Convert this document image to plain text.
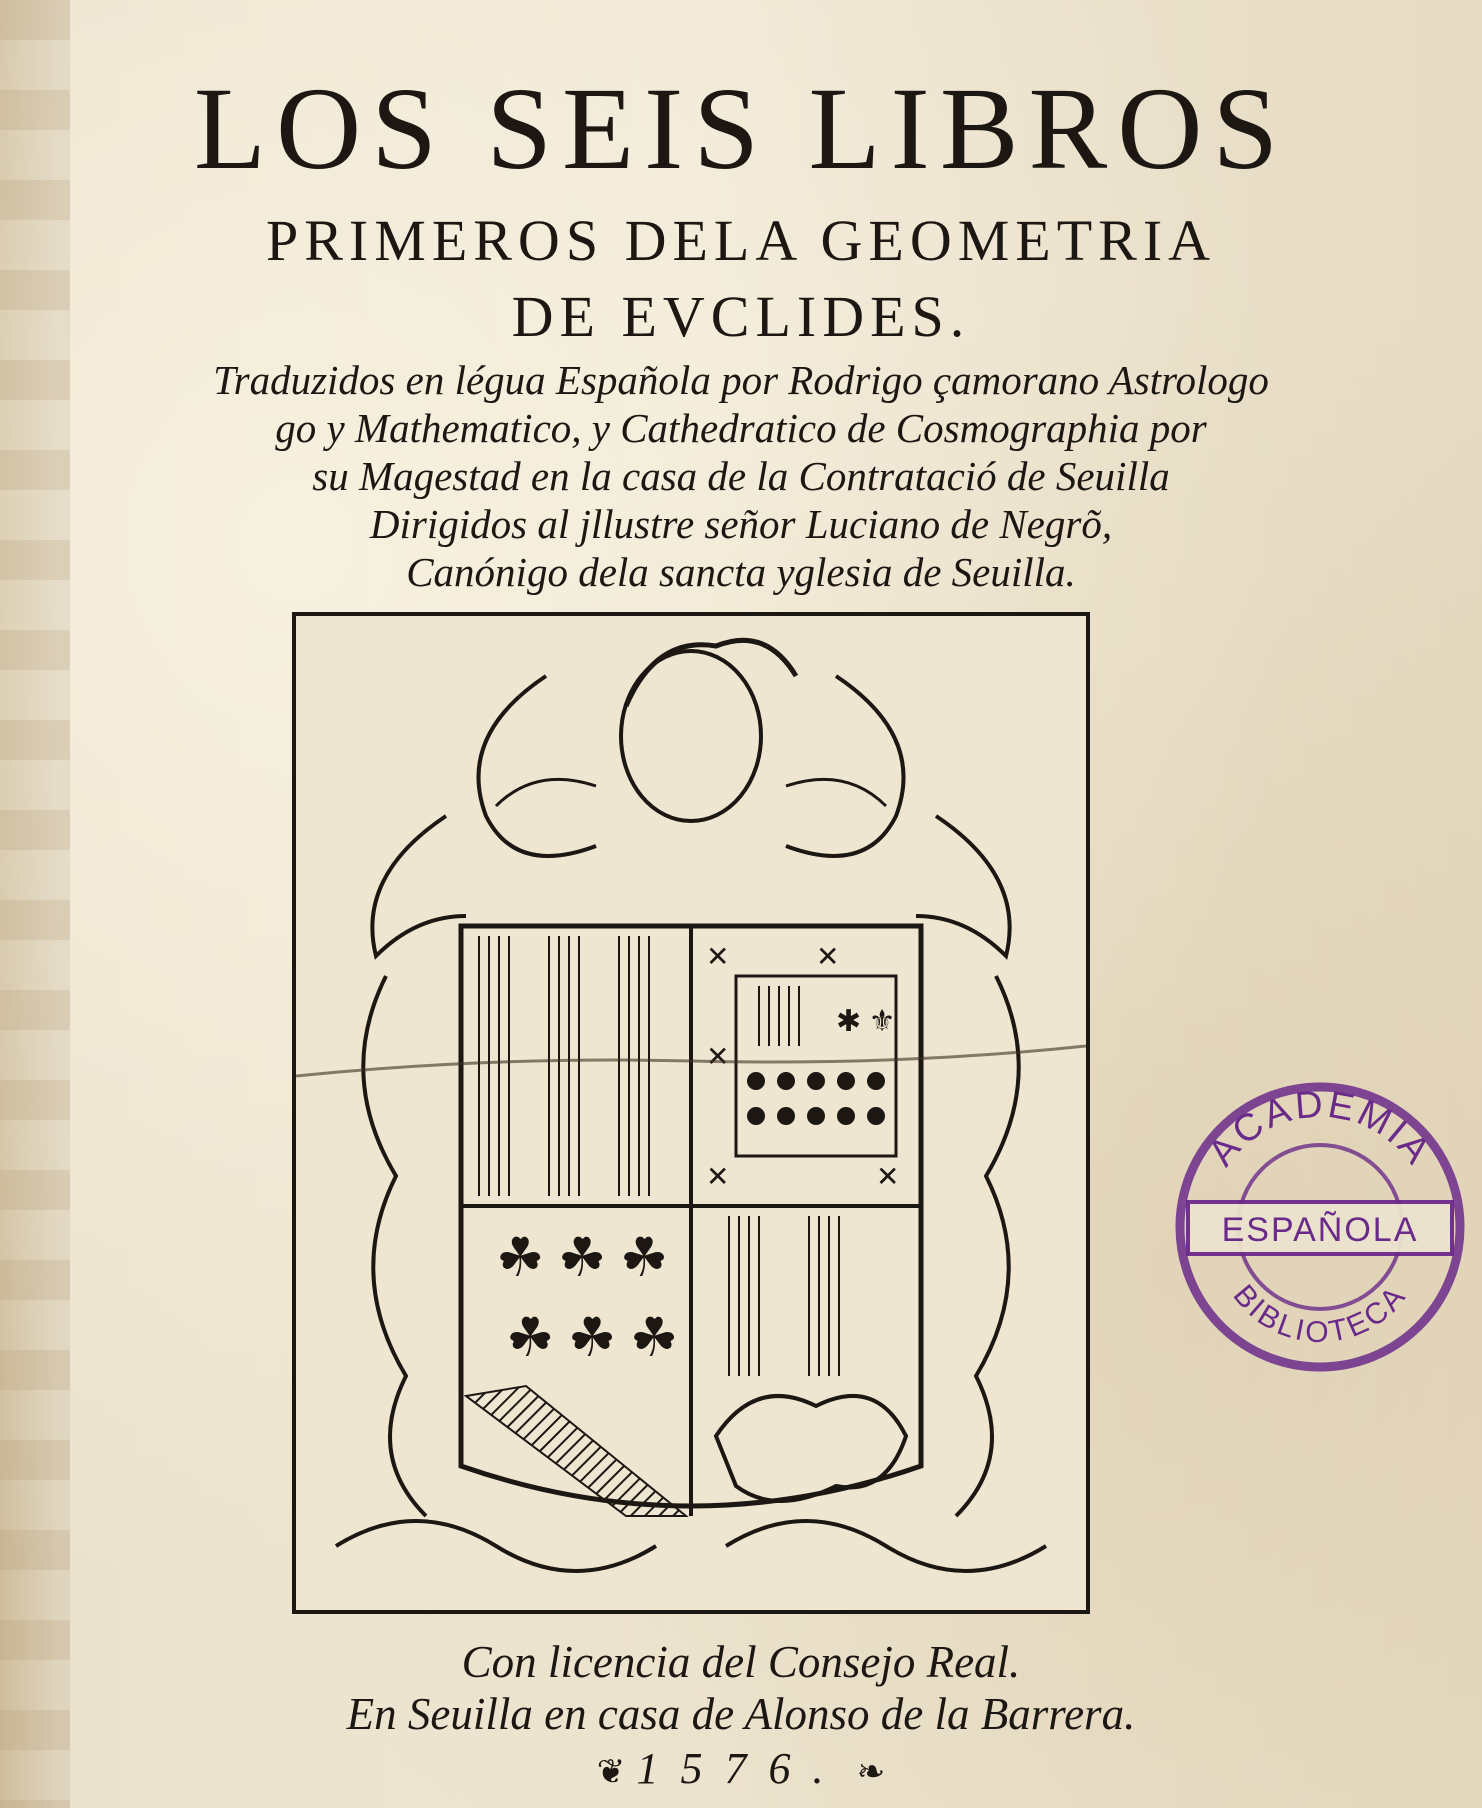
LOS SEIS LIBROS
PRIMEROS DELA GEOMETRIA
DE EVCLIDES.
Traduzidos en légua Española por Rodrigo çamorano Astrologo
go y Mathematico, y Cathedratico de Cosmographia por
su Magestad en la casa de la Contratació de Seuilla
Dirigidos al jllustre señor Luciano de Negrõ,
Canónigo dela sancta yglesia de Seuilla.
✱ ⚜
✕	✕
✕
✕	✕
☘ ☘ ☘
☘ ☘ ☘
ACADEMIA
ESPAÑOLA
BIBLIOTECA
Con licencia del Consejo Real.
En Seuilla en casa de Alonso de la Barrera.
❦ 1576. ❧
